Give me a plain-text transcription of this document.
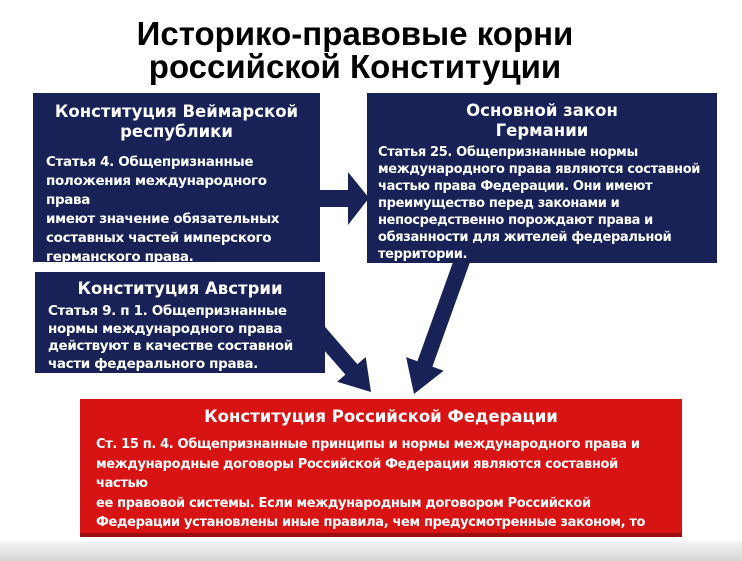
Историко-правовые корни
российской Конституции
Конституция Веймарской
республики
Статья 4. Общепризнанные
положения международного права
имеют значение обязательных
составных частей имперского
германского права.
Основной закон
Германии
Статья 25. Общепризнанные нормы
международного права являются составной
частью права Федерации. Они имеют
преимущество перед законами и
непосредственно порождают права и
обязанности для жителей федеральной
территории.
Конституция Австрии
Статья 9. п 1. Общепризнанные
нормы международного права
действуют в качестве составной
части федерального права.
Конституция Российской Федерации
Ст. 15 п. 4. Общепризнанные принципы и нормы международного права и
международные договоры Российской Федерации являются составной частью
ее правовой системы. Если международным договором Российской
Федерации установлены иные правила, чем предусмотренные законом, то
